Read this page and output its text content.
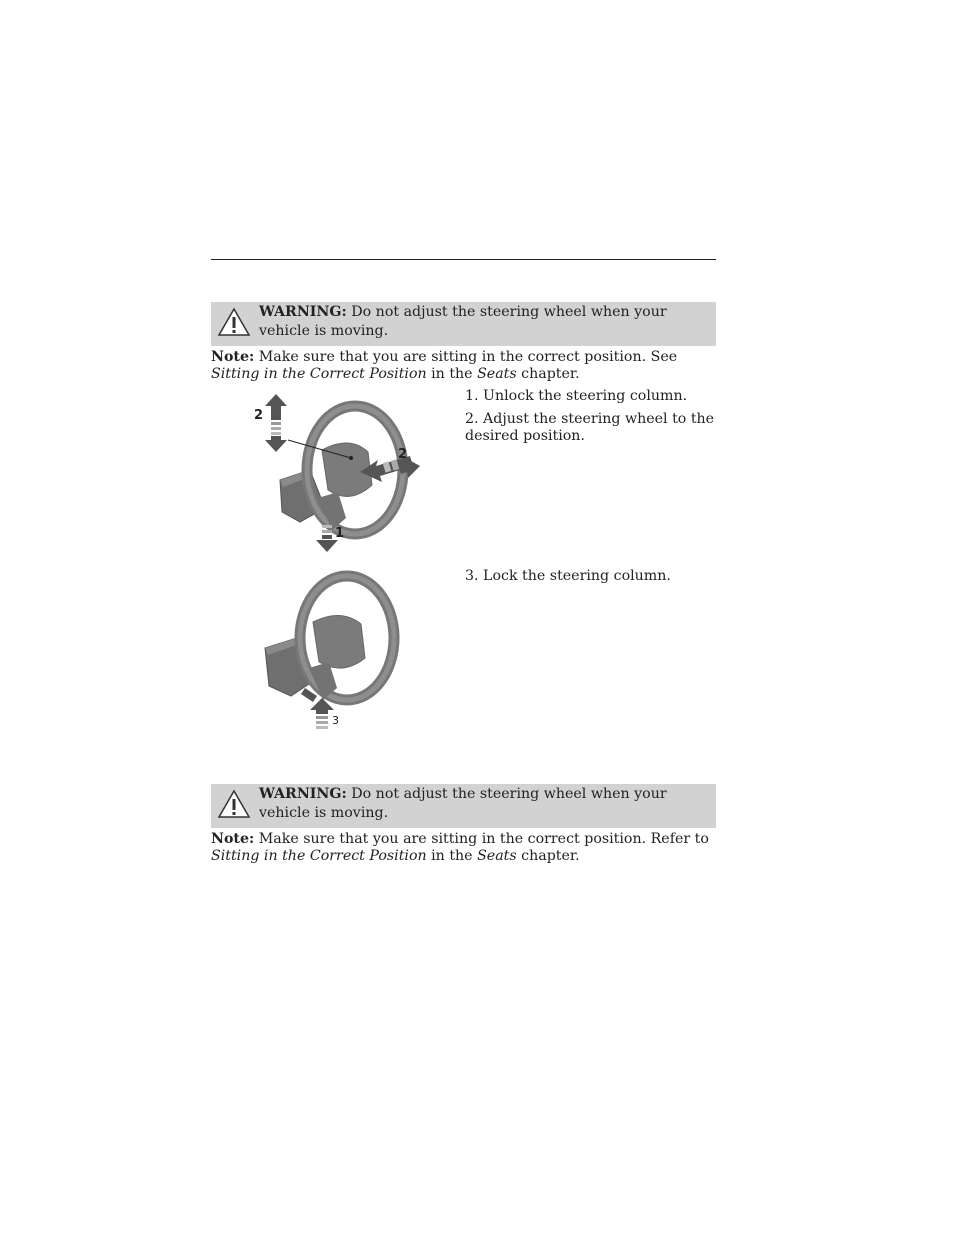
WARNING: Do not adjust the steering wheel when your vehicle is moving.
Note: Make sure that you are sitting in the correct position. See Sitting in the Correct Position in the Seats chapter.
2
2
1
1. Unlock the steering column.
2. Adjust the steering wheel to the desired position.
3
3. Lock the steering column.
WARNING: Do not adjust the steering wheel when your vehicle is moving.
Note: Make sure that you are sitting in the correct position. Refer to Sitting in the Correct Position in the Seats chapter.
